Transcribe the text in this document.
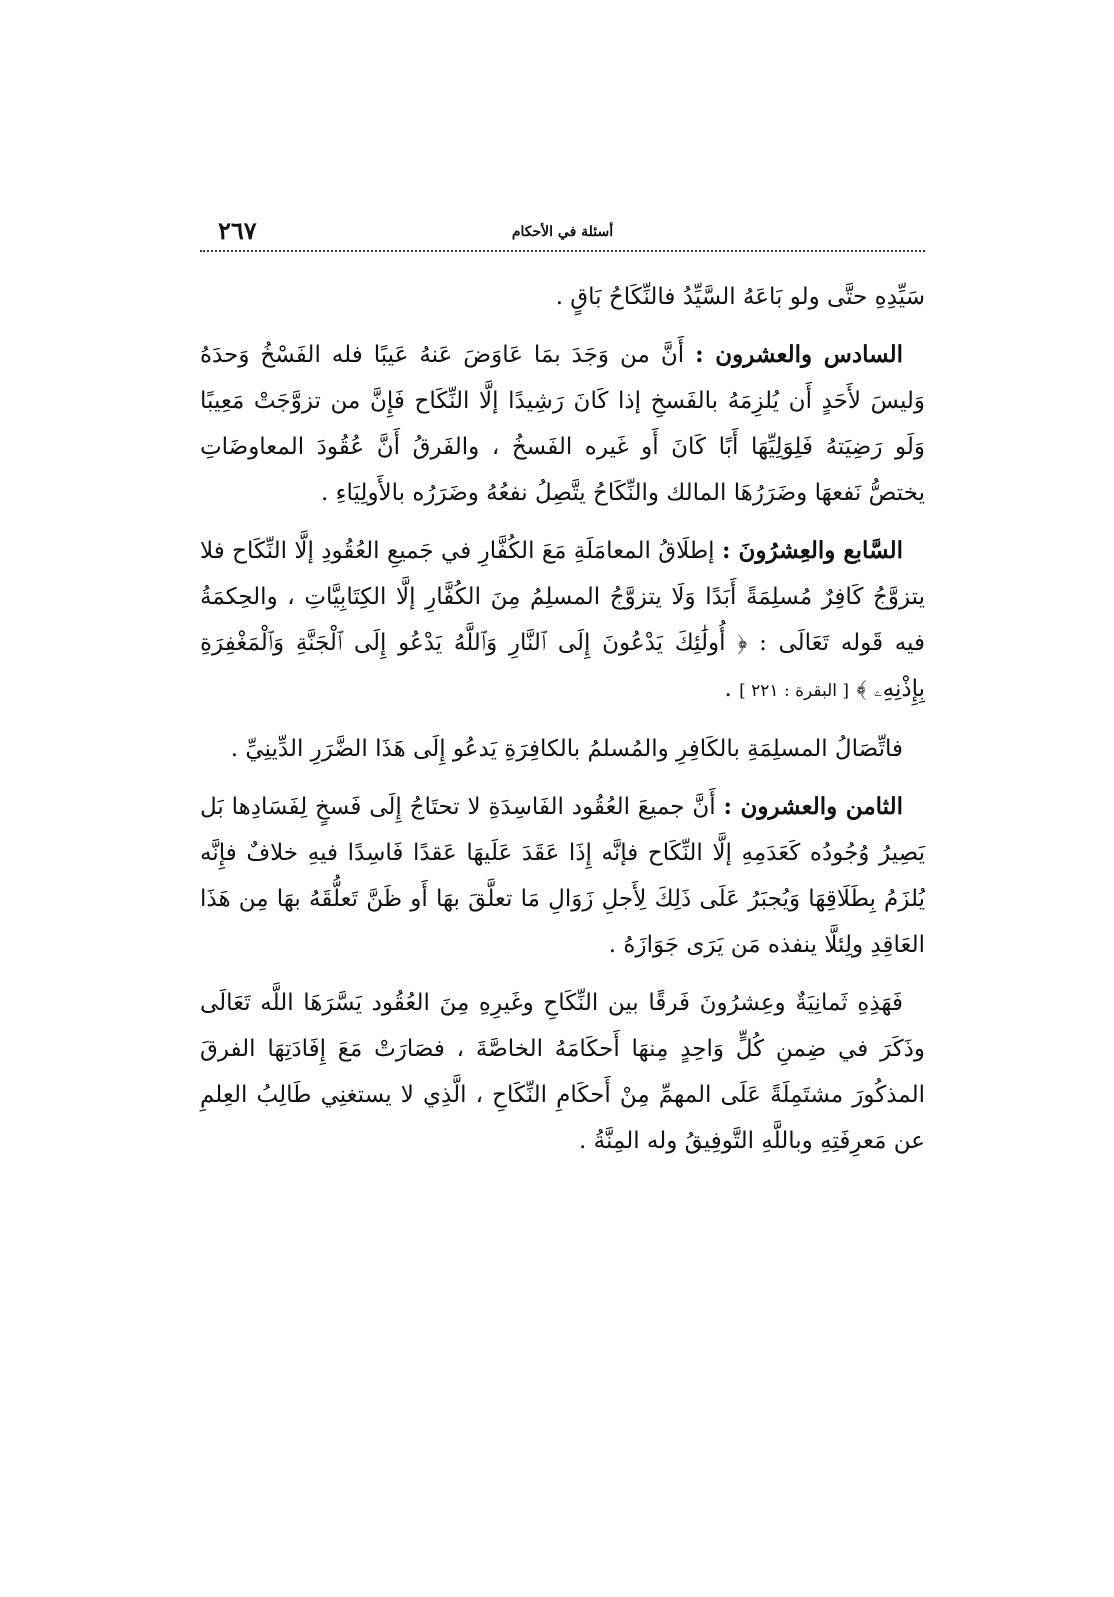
أسئلة في الأحكام
٢٦٧

سَيِّدِهِ حتَّى ولو بَاعَهُ السَّيِّدُ فالنِّكَاحُ بَاقٍ .

السادس والعشرون : أَنَّ من وَجَدَ بمَا عَاوَضَ عَنهُ عَيبًا فله الفَسْخُ وَحدَهُ وَليسَ لأَحَدٍ أَن يُلزِمَهُ بالفَسخِ إذا كَانَ رَشِيدًا إلَّا النِّكَاح فَإِنَّ من تزوَّجَتْ مَعِيبًا وَلَو رَضِيَتهُ فَلِوَلِيِّهَا أَبًا كَانَ أَو غَيره الفَسخُ ، والفَرقُ أَنَّ عُقُودَ المعاوضَاتِ يختصُّ نَفعهَا وضَرَرُهَا المالك والنِّكَاحُ يتَّصِلُ نفعُهُ وضَرَرُه بالأَولِيَاءِ .

السَّابع والعِشرُونَ : إطلَاقُ المعامَلَةِ مَعَ الكُفَّارِ في جَميعِ العُقُودِ إلَّا النِّكَاح فلا يتزوَّجُ كَافِرٌ مُسلِمَةً أَبَدًا وَلَا يتزوَّجُ المسلِمُ مِنَ الكُفَّارِ إلَّا الكِتَابِيَّاتِ ، والحِكمَةُ فيه قَوله تَعَالَى : ﴿ أُولَٰئِكَ يَدْعُونَ إِلَى ٱلنَّارِ وَٱللَّهُ يَدْعُو إِلَى ٱلْجَنَّةِ وَٱلْمَغْفِرَةِ بِإِذْنِهِۦ ﴾ [ البقرة : ٢٢١ ] .

فاتِّصَالُ المسلِمَةِ بالكَافِرِ والمُسلمُ بالكافِرَةِ يَدعُو إِلَى هَذَا الضَّرَرِ الدِّينِيِّ .

الثامن والعشرون : أَنَّ جميعَ العُقُود الفَاسِدَةِ لا تحتَاجُ إِلَى فَسخٍ لِفَسَادِها بَل يَصِيرُ وُجُودُه كَعَدَمِهِ إلَّا النِّكَاح فإنَّه إِذَا عَقَدَ عَلَيهَا عَقدًا فَاسِدًا فيهِ خلافٌ فإِنَّه يُلزَمُ بِطَلَاقِهَا وَيُجبَرُ عَلَى ذَلِكَ لِأَجلِ زَوَالِ مَا تعلَّقَ بهَا أَو ظَنَّ تَعلُّقَهُ بهَا مِن هَذَا العَاقِدِ ولِئلَّا ينفذه مَن يَرَى جَوَازَهُ .

فَهَذِهِ ثَمانِيَةٌ وعِشرُونَ فَرقًا بين النِّكَاحِ وغَيرِهِ مِنَ العُقُود يَسَّرَهَا اللَّه تَعَالَى وذَكَرَ في ضِمنِ كُلٍّ وَاحِدٍ مِنهَا أَحكَامَهُ الخاصَّةَ ، فصَارَتْ مَعَ إِفَادَتِهَا الفرقَ المذكُورَ مشتَمِلَةً عَلَى المهمِّ مِنْ أَحكَامِ النِّكَاحِ ، الَّذِي لا يستغنِي طَالِبُ العِلمِ عن مَعرِفَتِهِ وباللَّهِ التَّوفِيقُ وله المِنَّةُ .
